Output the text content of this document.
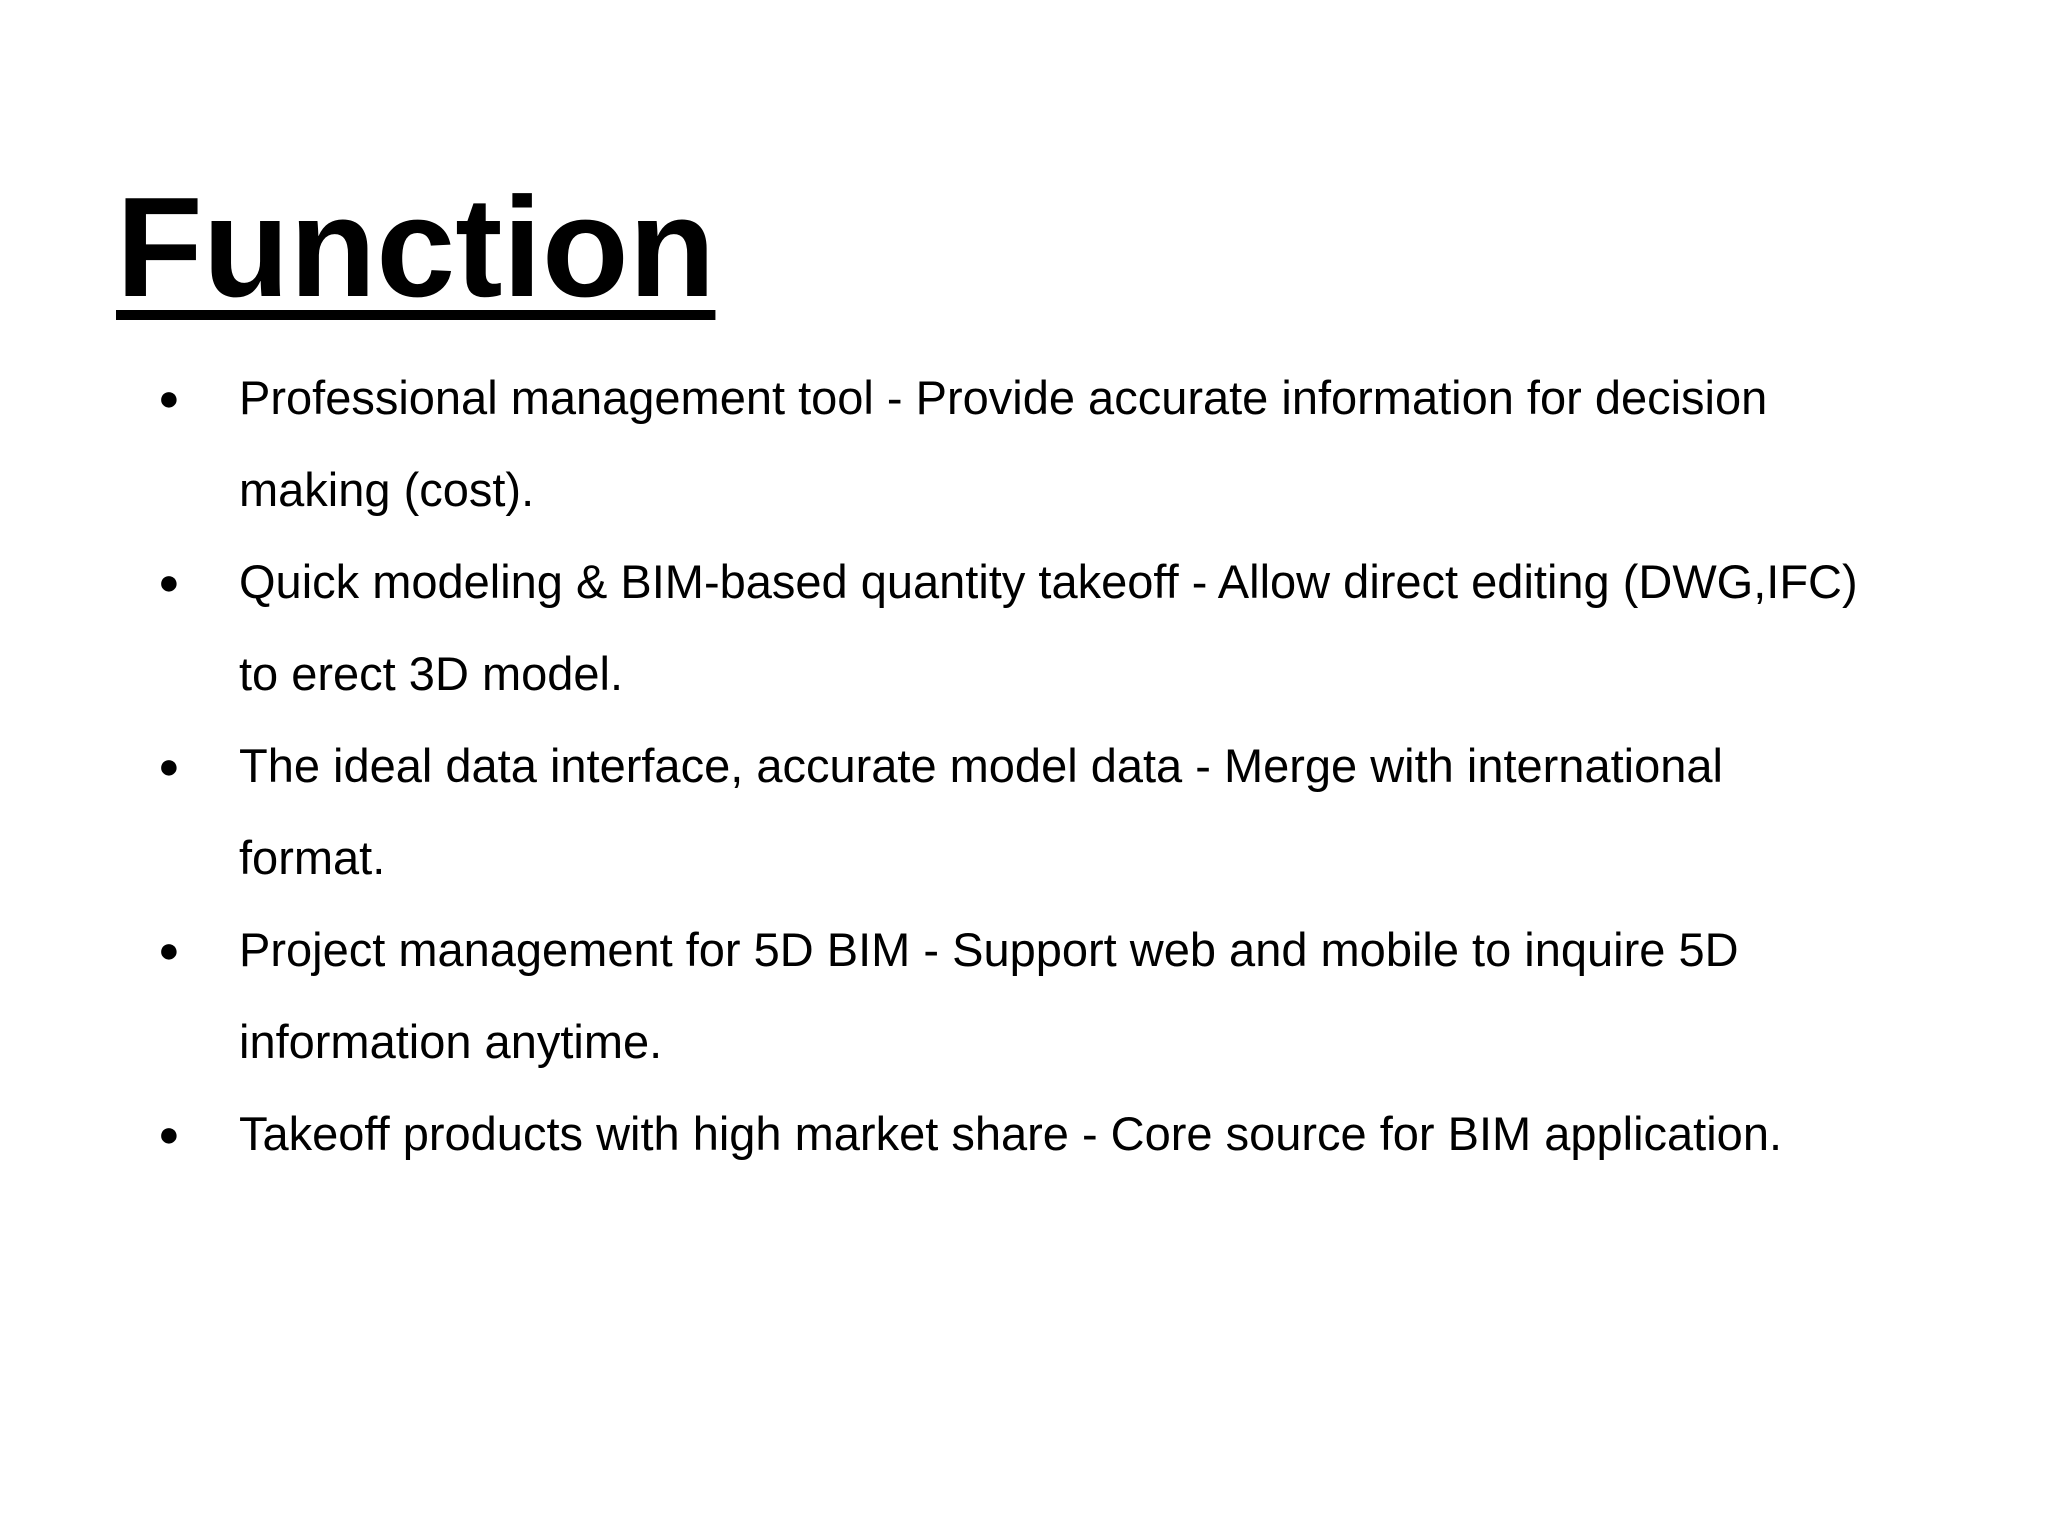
Function
● Professional management tool - Provide accurate information for decision
making (cost).
● Quick modeling & BIM-based quantity takeoff - Allow direct editing (DWG,IFC)
to erect 3D model.
● The ideal data interface, accurate model data - Merge with international
format.
● Project management for 5D BIM - Support web and mobile to inquire 5D
information anytime.
● Takeoff products with high market share - Core source for BIM application.
